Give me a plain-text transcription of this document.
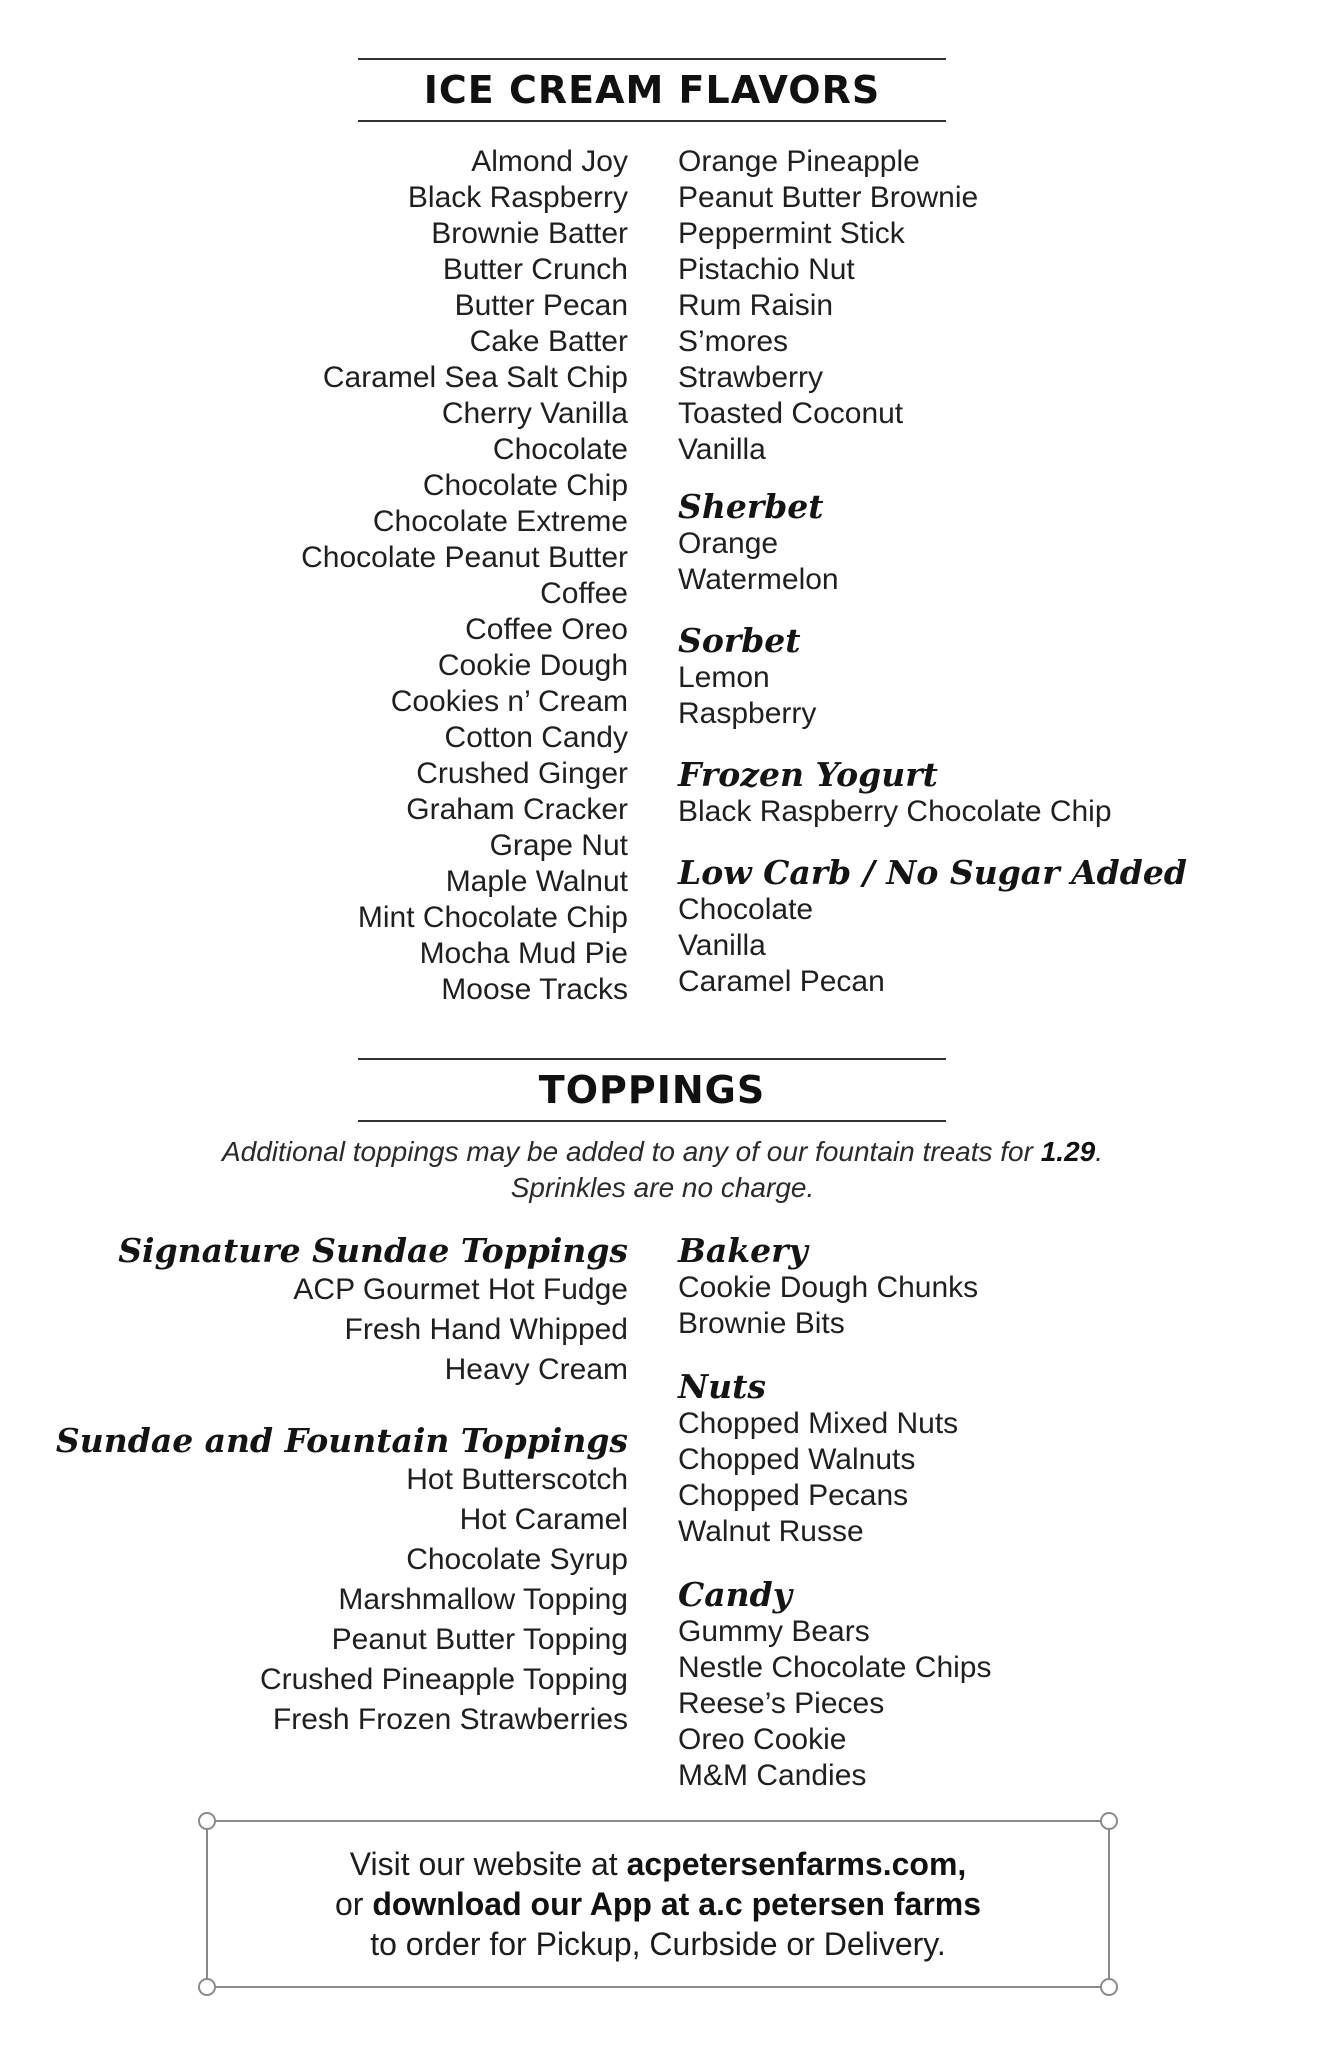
ICE CREAM FLAVORS
Almond Joy
Black Raspberry
Brownie Batter
Butter Crunch
Butter Pecan
Cake Batter
Caramel Sea Salt Chip
Cherry Vanilla
Chocolate
Chocolate Chip
Chocolate Extreme
Chocolate Peanut Butter
Coffee
Coffee Oreo
Cookie Dough
Cookies n’ Cream
Cotton Candy
Crushed Ginger
Graham Cracker
Grape Nut
Maple Walnut
Mint Chocolate Chip
Mocha Mud Pie
Moose Tracks
Orange Pineapple
Peanut Butter Brownie
Peppermint Stick
Pistachio Nut
Rum Raisin
S’mores
Strawberry
Toasted Coconut
Vanilla
Sherbet
Orange
Watermelon
Sorbet
Lemon
Raspberry
Frozen Yogurt
Black Raspberry Chocolate Chip
Low Carb / No Sugar Added
Chocolate
Vanilla
Caramel Pecan
TOPPINGS
Additional toppings may be added to any of our fountain treats for 1.29.
Sprinkles are no charge.
Signature Sundae Toppings
ACP Gourmet Hot Fudge
Fresh Hand Whipped
Heavy Cream
Sundae and Fountain Toppings
Hot Butterscotch
Hot Caramel
Chocolate Syrup
Marshmallow Topping
Peanut Butter Topping
Crushed Pineapple Topping
Fresh Frozen Strawberries
Bakery
Cookie Dough Chunks
Brownie Bits
Nuts
Chopped Mixed Nuts
Chopped Walnuts
Chopped Pecans
Walnut Russe
Candy
Gummy Bears
Nestle Chocolate Chips
Reese’s Pieces
Oreo Cookie
M&M Candies
Visit our website at acpetersenfarms.com,
or download our App at a.c petersen farms
to order for Pickup, Curbside or Delivery.
